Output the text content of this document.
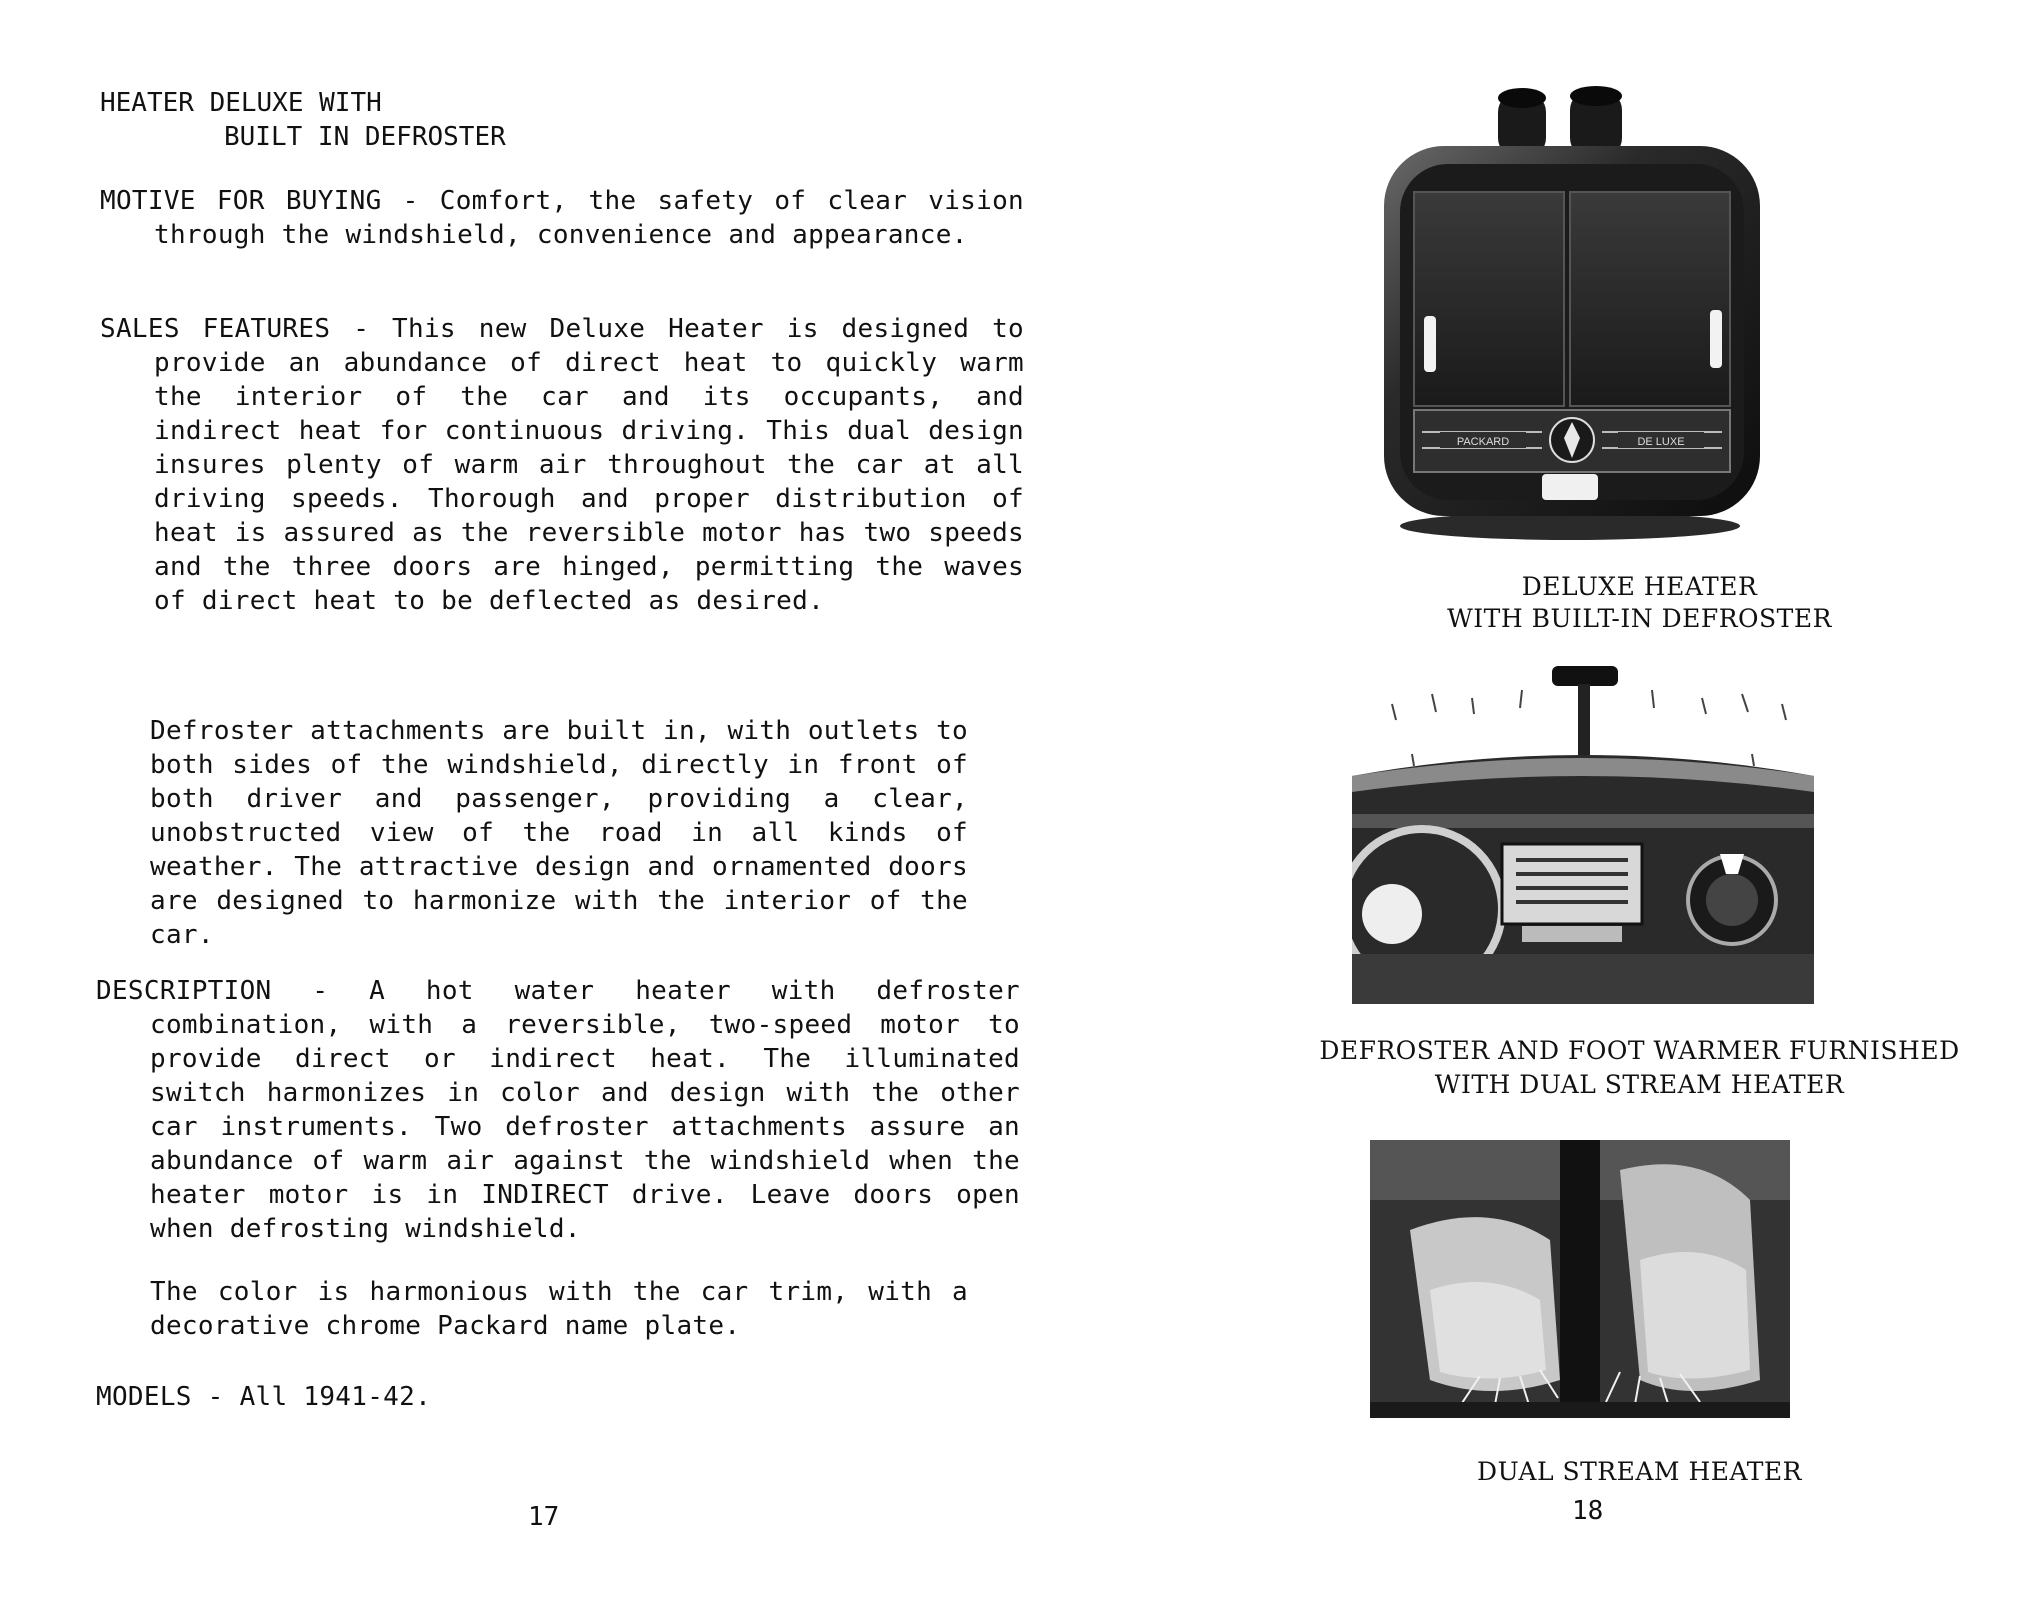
HEATER DELUXE WITH
BUILT IN DEFROSTER
MOTIVE FOR BUYING - Comfort, the safety of clear vision through the windshield, convenience and appearance.
SALES FEATURES - This new Deluxe Heater is designed to provide an abundance of direct heat to quickly warm the interior of the car and its occupants, and indirect heat for continuous driving. This dual design insures plenty of warm air throughout the car at all driving speeds. Thorough and proper distribution of heat is assured as the reversible motor has two speeds and the three doors are hinged, permitting the waves of direct heat to be deflected as desired.
Defroster attachments are built in, with outlets to both sides of the windshield, directly in front of both driver and passenger, providing a clear, unobstructed view of the road in all kinds of weather. The attractive design and ornamented doors are designed to harmonize with the interior of the car.
DESCRIPTION - A hot water heater with defroster combination, with a reversible, two-speed motor to provide direct or indirect heat. The illuminated switch harmonizes in color and design with the other car instruments. Two defroster attachments assure an abundance of warm air against the windshield when the heater motor is in INDIRECT drive. Leave doors open when defrosting windshield.
The color is harmonious with the car trim, with a decorative chrome Packard name plate.
MODELS - All 1941-42.
17
PACKARD	DE LUXE
DELUXE HEATER
WITH BUILT-IN DEFROSTER
DEFROSTER AND FOOT WARMER FURNISHED
WITH DUAL STREAM HEATER
DUAL STREAM HEATER
18
